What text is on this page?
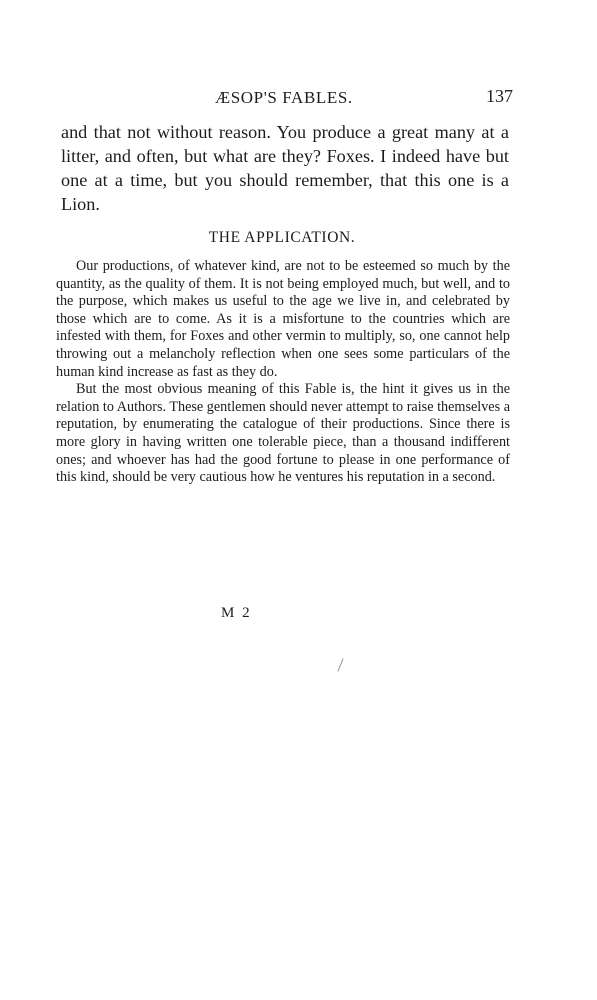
ÆSOP'S FABLES.	137

and that not without reason. You produce a great many at a litter, and often, but what are they? Foxes. I indeed have but one at a time, but you should remember, that this one is a Lion.

THE APPLICATION.

Our productions, of whatever kind, are not to be esteemed so much by the quantity, as the quality of them. It is not being employed much, but well, and to the purpose, which makes us useful to the age we live in, and celebrated by those which are to come. As it is a misfortune to the countries which are infested with them, for Foxes and other vermin to multiply, so, one cannot help throwing out a melancholy reflection when one sees some particulars of the human kind increase as fast as they do.

But the most obvious meaning of this Fable is, the hint it gives us in the relation to Authors. These gentlemen should never attempt to raise themselves a reputation, by enumerating the catalogue of their productions. Since there is more glory in having written one tolerable piece, than a thousand indifferent ones; and whoever has had the good fortune to please in one performance of this kind, should be very cautious how he ventures his reputation in a second.

M 2
